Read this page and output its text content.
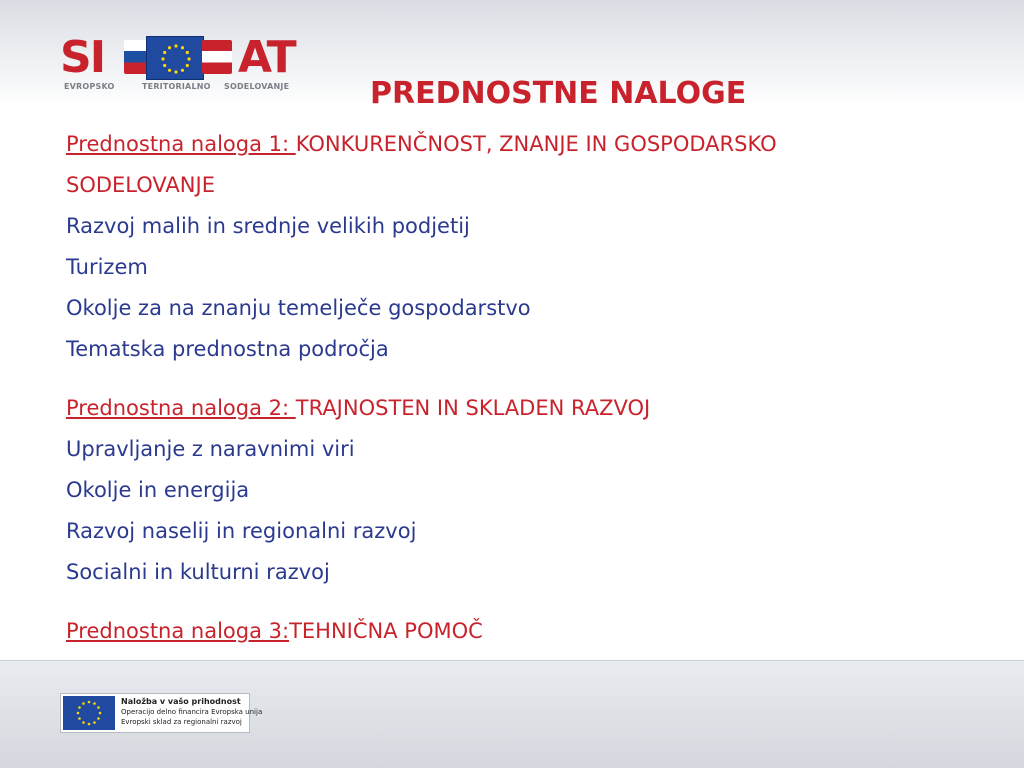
SI	AT
EVROPSKO	TERITORIALNO SODELOVANJE	PREDNOSTNE NALOGE
Prednostna naloga 1: KONKURENČNOST, ZNANJE IN GOSPODARSKO
SODELOVANJE
Razvoj malih in srednje velikih podjetij
Turizem
Okolje za na znanju temelječe gospodarstvo
Tematska prednostna področja
Prednostna naloga 2: TRAJNOSTEN IN SKLADEN RAZVOJ
Upravljanje z naravnimi viri
Okolje in energija
Razvoj naselij in regionalni razvoj
Socialni in kulturni razvoj
Prednostna naloga 3:TEHNIČNA POMOČ
Naložba v vašo prihodnost
Operacijo delno financira Evropska unija
Evropski sklad za regionalni razvoj
